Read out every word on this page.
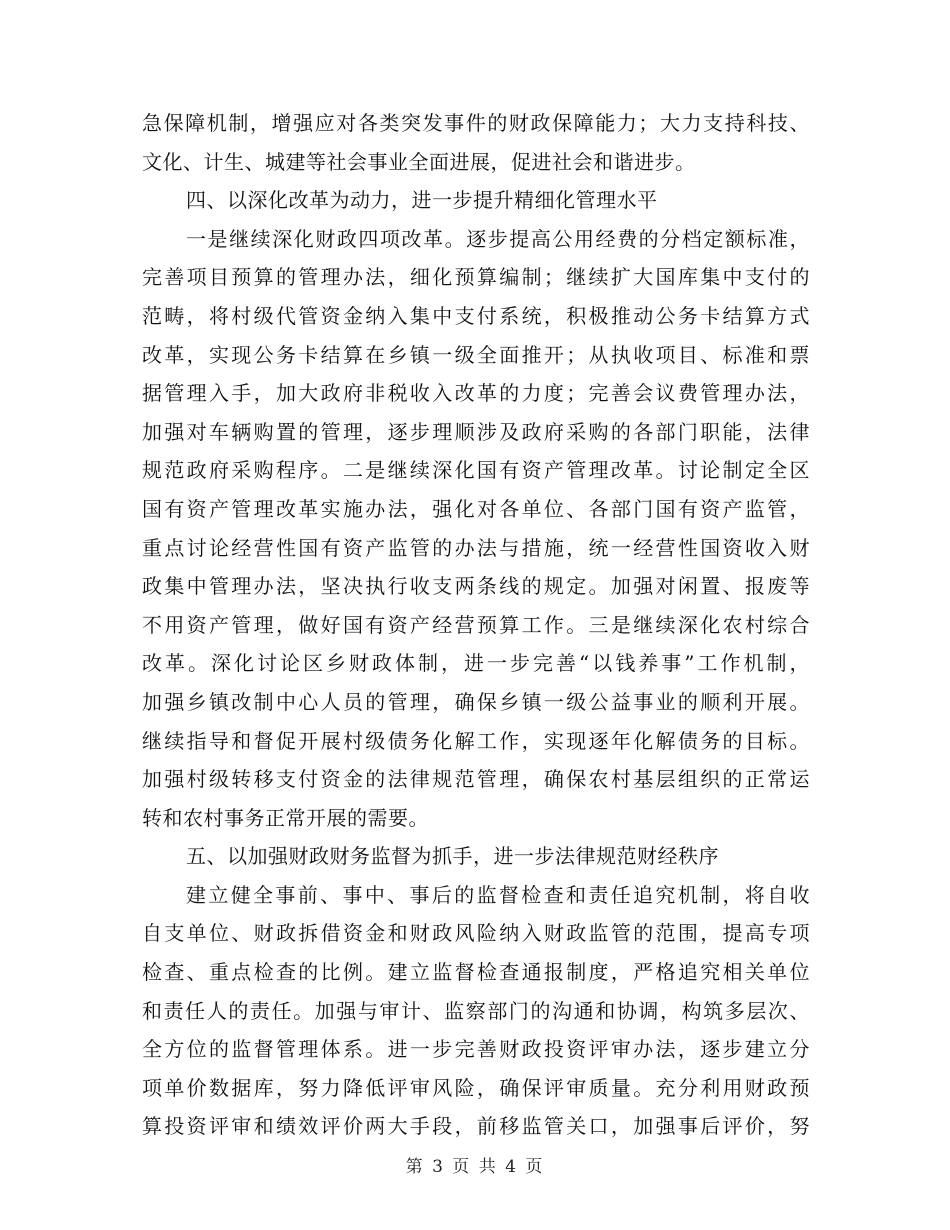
急保障机制，增强应对各类突发事件的财政保障能力；大力支持科技、
文化、计生、城建等社会事业全面进展，促进社会和谐进步。
四、以深化改革为动力，进一步提升精细化管理水平
一是继续深化财政四项改革。逐步提高公用经费的分档定额标准，
完善项目预算的管理办法，细化预算编制；继续扩大国库集中支付的
范畴，将村级代管资金纳入集中支付系统，积极推动公务卡结算方式
改革，实现公务卡结算在乡镇一级全面推开；从执收项目、标准和票
据管理入手，加大政府非税收入改革的力度；完善会议费管理办法，
加强对车辆购置的管理，逐步理顺涉及政府采购的各部门职能，法律
规范政府采购程序。二是继续深化国有资产管理改革。讨论制定全区
国有资产管理改革实施办法，强化对各单位、各部门国有资产监管，
重点讨论经营性国有资产监管的办法与措施，统一经营性国资收入财
政集中管理办法，坚决执行收支两条线的规定。加强对闲置、报废等
不用资产管理，做好国有资产经营预算工作。三是继续深化农村综合
改革。深化讨论区乡财政体制，进一步完善“以钱养事”工作机制，
加强乡镇改制中心人员的管理，确保乡镇一级公益事业的顺利开展。
继续指导和督促开展村级债务化解工作，实现逐年化解债务的目标。
加强村级转移支付资金的法律规范管理，确保农村基层组织的正常运
转和农村事务正常开展的需要。
五、以加强财政财务监督为抓手，进一步法律规范财经秩序
建立健全事前、事中、事后的监督检查和责任追究机制，将自收
自支单位、财政拆借资金和财政风险纳入财政监管的范围，提高专项
检查、重点检查的比例。建立监督检查通报制度，严格追究相关单位
和责任人的责任。加强与审计、监察部门的沟通和协调，构筑多层次、
全方位的监督管理体系。进一步完善财政投资评审办法，逐步建立分
项单价数据库，努力降低评审风险，确保评审质量。充分利用财政预
算投资评审和绩效评价两大手段，前移监管关口，加强事后评价，努
第 3 页 共 4 页
